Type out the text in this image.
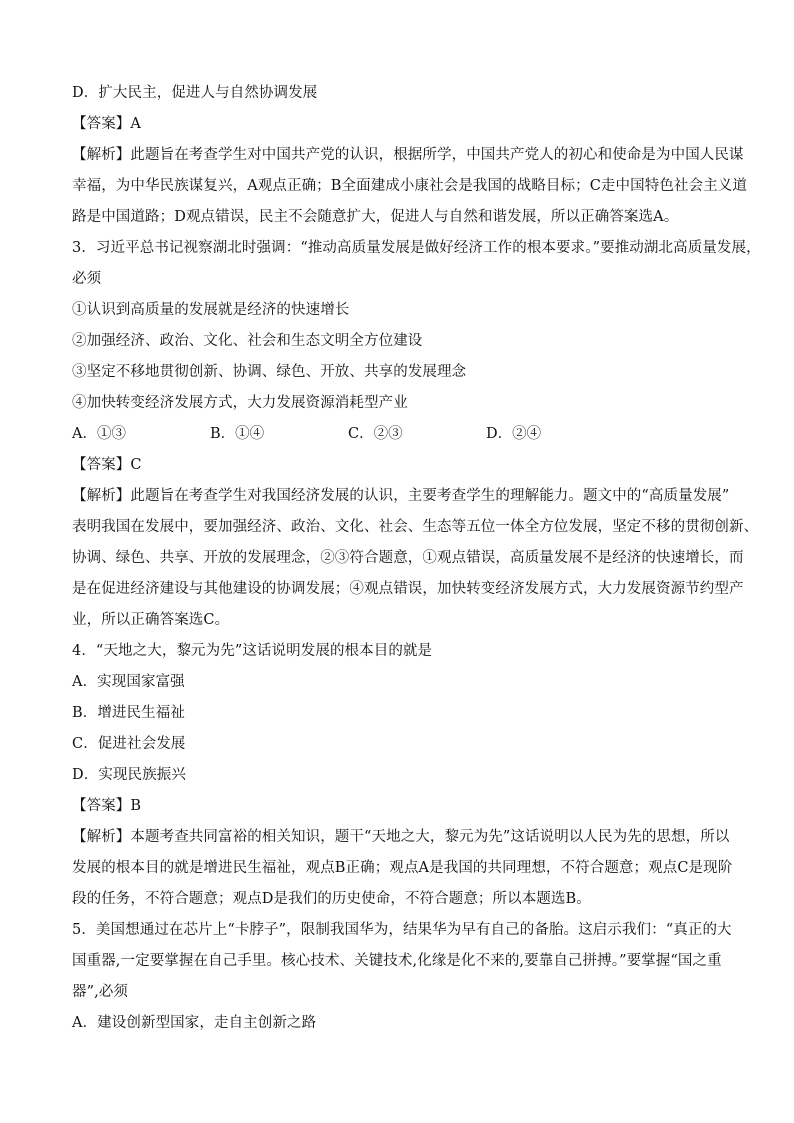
D．扩大民主，促进人与自然协调发展
【答案】A
【解析】此题旨在考查学生对中国共产党的认识，根据所学，中国共产党人的初心和使命是为中国人民谋
幸福，为中华民族谋复兴，A观点正确；B全面建成小康社会是我国的战略目标；C走中国特色社会主义道
路是中国道路；D观点错误，民主不会随意扩大，促进人与自然和谐发展，所以正确答案选A。
3．习近平总书记视察湖北时强调：“推动高质量发展是做好经济工作的根本要求。”要推动湖北高质量发展，
必须
①认识到高质量的发展就是经济的快速增长
②加强经济、政治、文化、社会和生态文明全方位建设
③坚定不移地贯彻创新、协调、绿色、开放、共享的发展理念
④加快转变经济发展方式，大力发展资源消耗型产业
A．①③	B．①④	C．②③	D．②④
【答案】C
【解析】此题旨在考查学生对我国经济发展的认识，主要考查学生的理解能力。题文中的“高质量发展”
表明我国在发展中，要加强经济、政治、文化、社会、生态等五位一体全方位发展，坚定不移的贯彻创新、
协调、绿色、共享、开放的发展理念，②③符合题意，①观点错误，高质量发展不是经济的快速增长，而
是在促进经济建设与其他建设的协调发展；④观点错误，加快转变经济发展方式，大力发展资源节约型产
业，所以正确答案选C。
4．“天地之大，黎元为先”这话说明发展的根本目的就是
A．实现国家富强
B．增进民生福祉
C．促进社会发展
D．实现民族振兴
【答案】B
【解析】本题考查共同富裕的相关知识，题干“天地之大，黎元为先”这话说明以人民为先的思想，所以
发展的根本目的就是增进民生福祉，观点B正确；观点A是我国的共同理想，不符合题意；观点C是现阶
段的任务，不符合题意；观点D是我们的历史使命，不符合题意；所以本题选B。
5．美国想通过在芯片上“卡脖子”，限制我国华为，结果华为早有自己的备胎。这启示我们：“真正的大
国重器,一定要掌握在自己手里。核心技术、关键技术,化缘是化不来的,要靠自己拼搏。”要掌握“国之重
器”,必须
A．建设创新型国家，走自主创新之路
